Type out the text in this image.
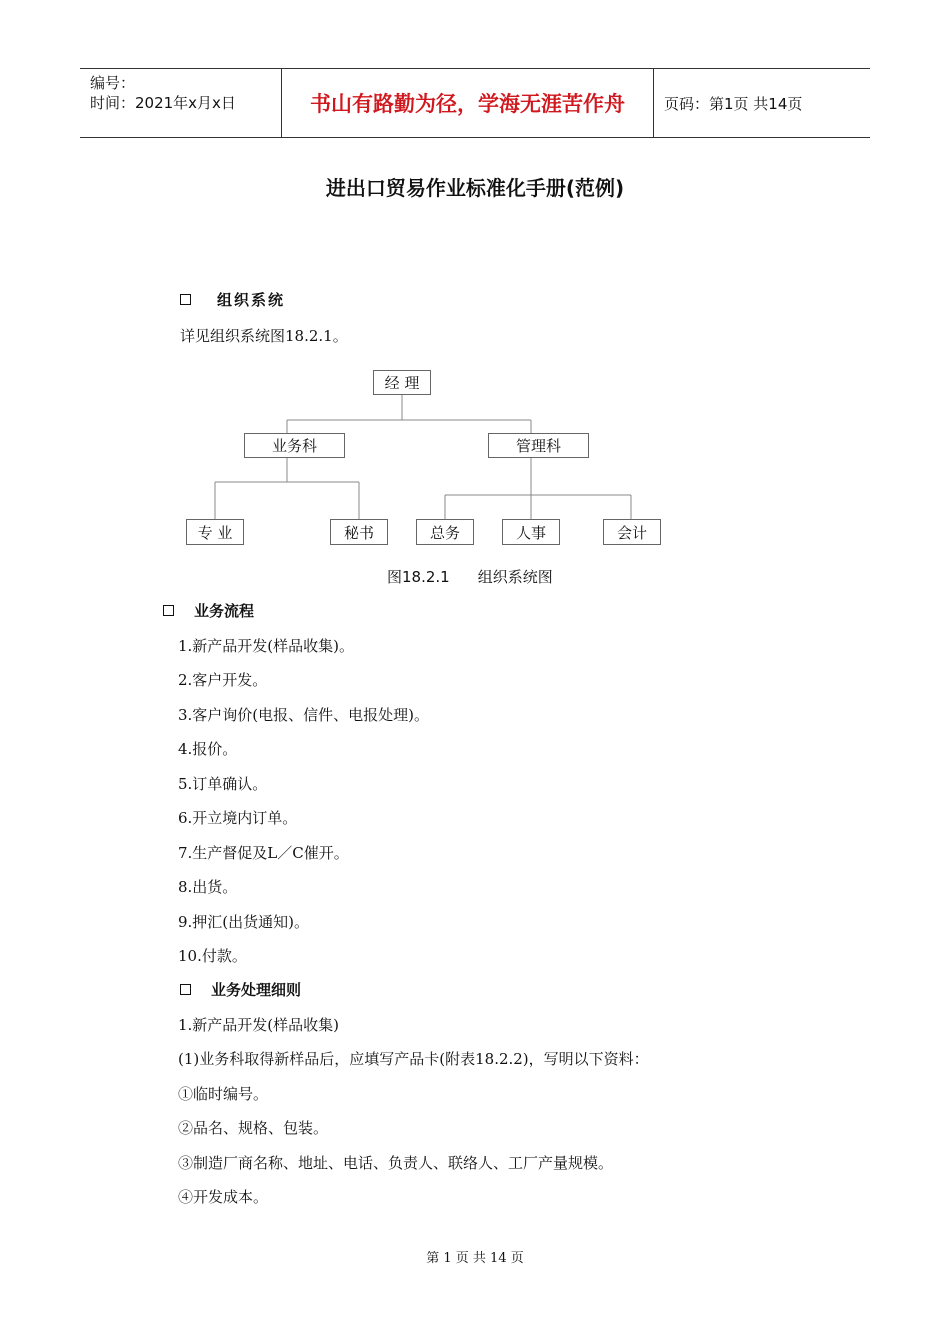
编号：
时间：2021年x月x日	书山有路勤为径，学海无涯苦作舟	页码：第1页 共14页
进出口贸易作业标准化手册(范例)
组织系统
详见组织系统图18.2.1。
经 理
业务科	管理科
专 业	秘书	总务	人事	会计
图18.2.1 组织系统图
业务流程
1.新产品开发(样品收集)。
2.客户开发。
3.客户询价(电报、信件、电报处理)。
4.报价。
5.订单确认。
6.开立境内订单。
7.生产督促及L／C催开。
8.出货。
9.押汇(出货通知)。
10.付款。
业务处理细则
1.新产品开发(样品收集)
(1)业务科取得新样品后，应填写产品卡(附表18.2.2)，写明以下资料：
①临时编号。
②品名、规格、包装。
③制造厂商名称、地址、电话、负责人、联络人、工厂产量规模。
④开发成本。
第 1 页 共 14 页
